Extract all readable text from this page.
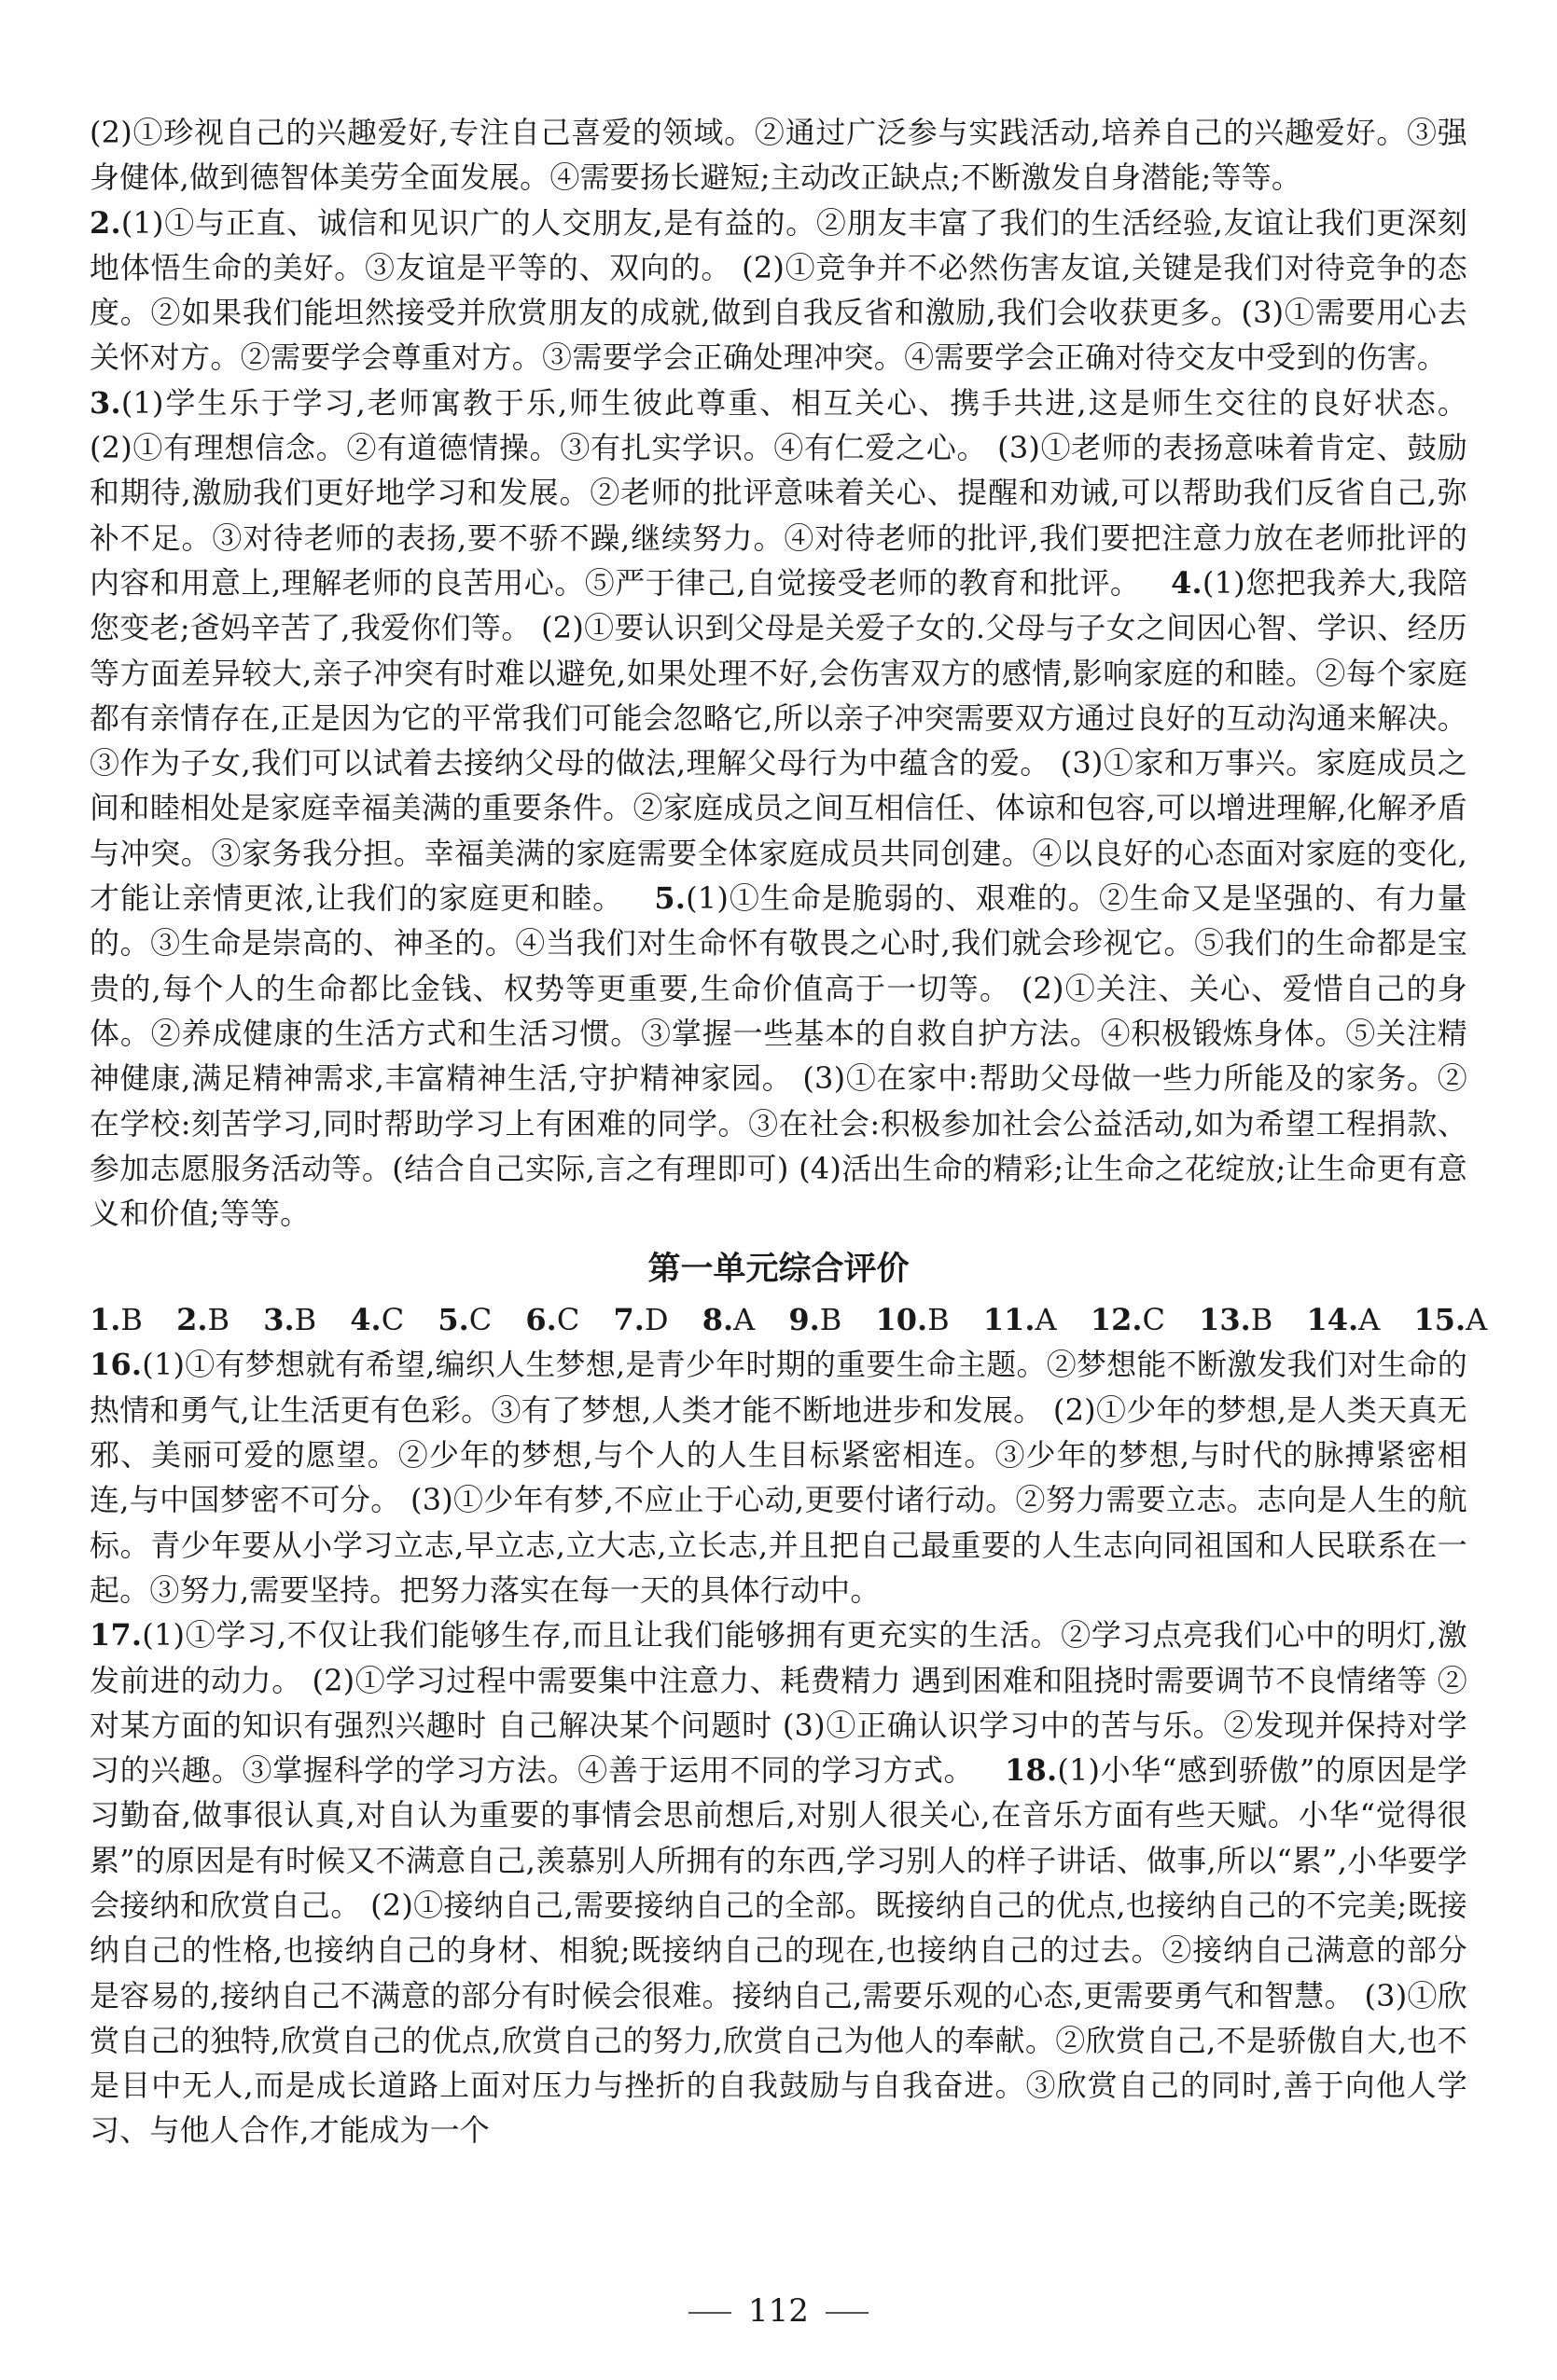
(2)①珍视自己的兴趣爱好,专注自己喜爱的领域。②通过广泛参与实践活动,培养自己的兴趣爱好。③强身健体,做到德智体美劳全面发展。④需要扬长避短;主动改正缺点;不断激发自身潜能;等等。
2.(1)①与正直、诚信和见识广的人交朋友,是有益的。②朋友丰富了我们的生活经验,友谊让我们更深刻地体悟生命的美好。③友谊是平等的、双向的。 (2)①竞争并不必然伤害友谊,关键是我们对待竞争的态度。②如果我们能坦然接受并欣赏朋友的成就,做到自我反省和激励,我们会收获更多。(3)①需要用心去关怀对方。②需要学会尊重对方。③需要学会正确处理冲突。④需要学会正确对待交友中受到的伤害。 3.(1)学生乐于学习,老师寓教于乐,师生彼此尊重、相互关心、携手共进,这是师生交往的良好状态。 (2)①有理想信念。②有道德情操。③有扎实学识。④有仁爱之心。 (3)①老师的表扬意味着肯定、鼓励和期待,激励我们更好地学习和发展。②老师的批评意味着关心、提醒和劝诫,可以帮助我们反省自己,弥补不足。③对待老师的表扬,要不骄不躁,继续努力。④对待老师的批评,我们要把注意力放在老师批评的内容和用意上,理解老师的良苦用心。⑤严于律己,自觉接受老师的教育和批评。 4.(1)您把我养大,我陪您变老;爸妈辛苦了,我爱你们等。 (2)①要认识到父母是关爱子女的.父母与子女之间因心智、学识、经历等方面差异较大,亲子冲突有时难以避免,如果处理不好,会伤害双方的感情,影响家庭的和睦。②每个家庭都有亲情存在,正是因为它的平常我们可能会忽略它,所以亲子冲突需要双方通过良好的互动沟通来解决。③作为子女,我们可以试着去接纳父母的做法,理解父母行为中蕴含的爱。 (3)①家和万事兴。家庭成员之间和睦相处是家庭幸福美满的重要条件。②家庭成员之间互相信任、体谅和包容,可以增进理解,化解矛盾与冲突。③家务我分担。幸福美满的家庭需要全体家庭成员共同创建。④以良好的心态面对家庭的变化,才能让亲情更浓,让我们的家庭更和睦。 5.(1)①生命是脆弱的、艰难的。②生命又是坚强的、有力量的。③生命是崇高的、神圣的。④当我们对生命怀有敬畏之心时,我们就会珍视它。⑤我们的生命都是宝贵的,每个人的生命都比金钱、权势等更重要,生命价值高于一切等。 (2)①关注、关心、爱惜自己的身体。②养成健康的生活方式和生活习惯。③掌握一些基本的自救自护方法。④积极锻炼身体。⑤关注精神健康,满足精神需求,丰富精神生活,守护精神家园。 (3)①在家中:帮助父母做一些力所能及的家务。②在学校:刻苦学习,同时帮助学习上有困难的同学。③在社会:积极参加社会公益活动,如为希望工程捐款、参加志愿服务活动等。(结合自己实际,言之有理即可) (4)活出生命的精彩;让生命之花绽放;让生命更有意义和价值;等等。

第一单元综合评价
1.B 2.B 3.B 4.C 5.C 6.C 7.D 8.A 9.B 10.B 11.A 12.C 13.B 14.A 15.A

16.(1)①有梦想就有希望,编织人生梦想,是青少年时期的重要生命主题。②梦想能不断激发我们对生命的热情和勇气,让生活更有色彩。③有了梦想,人类才能不断地进步和发展。 (2)①少年的梦想,是人类天真无邪、美丽可爱的愿望。②少年的梦想,与个人的人生目标紧密相连。③少年的梦想,与时代的脉搏紧密相连,与中国梦密不可分。 (3)①少年有梦,不应止于心动,更要付诸行动。②努力需要立志。志向是人生的航标。青少年要从小学习立志,早立志,立大志,立长志,并且把自己最重要的人生志向同祖国和人民联系在一起。③努力,需要坚持。把努力落实在每一天的具体行动中。

17.(1)①学习,不仅让我们能够生存,而且让我们能够拥有更充实的生活。②学习点亮我们心中的明灯,激发前进的动力。 (2)①学习过程中需要集中注意力、耗费精力 遇到困难和阻挠时需要调节不良情绪等 ②对某方面的知识有强烈兴趣时 自己解决某个问题时 (3)①正确认识学习中的苦与乐。②发现并保持对学习的兴趣。③掌握科学的学习方法。④善于运用不同的学习方式。 18.(1)小华“感到骄傲”的原因是学习勤奋,做事很认真,对自认为重要的事情会思前想后,对别人很关心,在音乐方面有些天赋。小华“觉得很累”的原因是有时候又不满意自己,羡慕别人所拥有的东西,学习别人的样子讲话、做事,所以“累”,小华要学会接纳和欣赏自己。 (2)①接纳自己,需要接纳自己的全部。既接纳自己的优点,也接纳自己的不完美;既接纳自己的性格,也接纳自己的身材、相貌;既接纳自己的现在,也接纳自己的过去。②接纳自己满意的部分是容易的,接纳自己不满意的部分有时候会很难。接纳自己,需要乐观的心态,更需要勇气和智慧。 (3)①欣赏自己的独特,欣赏自己的优点,欣赏自己的努力,欣赏自己为他人的奉献。②欣赏自己,不是骄傲自大,也不是目中无人,而是成长道路上面对压力与挫折的自我鼓励与自我奋进。③欣赏自己的同时,善于向他人学习、与他人合作,才能成为一个

112
